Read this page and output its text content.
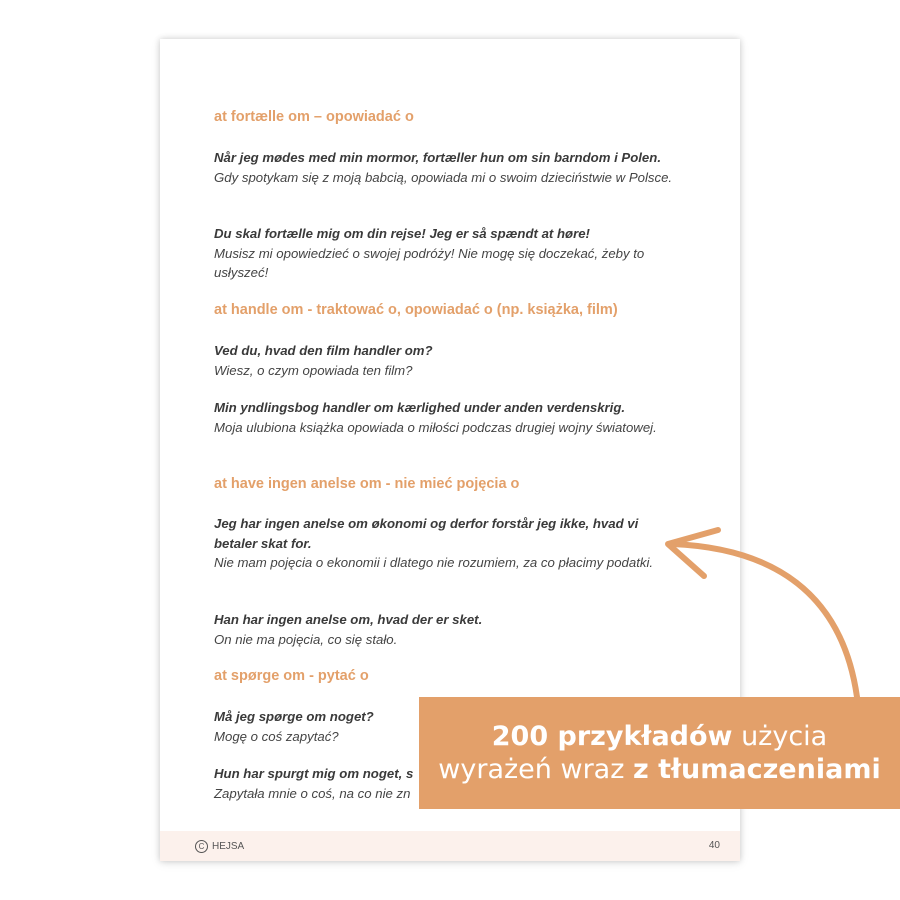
at fortælle om – opowiadać o
Når jeg mødes med min mormor, fortæller hun om sin barndom i Polen.
Gdy spotykam się z moją babcią, opowiada mi o swoim dzieciństwie w Polsce.
Du skal fortælle mig om din rejse! Jeg er så spændt at høre!
Musisz mi opowiedzieć o swojej podróży! Nie mogę się doczekać, żeby to usłyszeć!
at handle om - traktować o, opowiadać o (np. książka, film)
Ved du, hvad den film handler om?
Wiesz, o czym opowiada ten film?
Min yndlingsbog handler om kærlighed under anden verdenskrig.
Moja ulubiona książka opowiada o miłości podczas drugiej wojny światowej.
at have ingen anelse om - nie mieć pojęcia o
Jeg har ingen anelse om økonomi og derfor forstår jeg ikke, hvad vi betaler skat for.
Nie mam pojęcia o ekonomii i dlatego nie rozumiem, za co płacimy podatki.
Han har ingen anelse om, hvad der er sket.
On nie ma pojęcia, co się stało.
at spørge om - pytać o
Må jeg spørge om noget?
Mogę o coś zapytać?
Hun har spurgt mig om noget, s
Zapytała mnie o coś, na co nie zn
C HEJSA	40
200 przykładów użycia
wyrażeń wraz z tłumaczeniami
